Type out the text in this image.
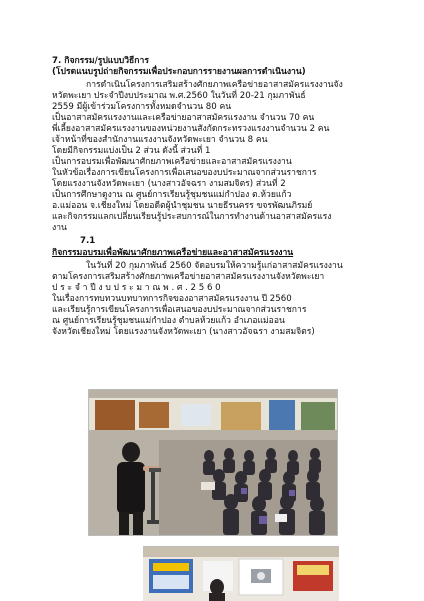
7. กิจกรรม/รูปแบบวิธีการ
(โปรดแนบรูปถ่ายกิจกรรมเพื่อประกอบการรายงานผลการดำเนินงาน)
การดำเนินโครงการเสริมสร้างศักยภาพเครือข่ายอาสาสมัครแรงงานจัง
หวัดพะเยา ประจำปีงบประมาณ พ.ศ.2560 ในวันที่ 20-21 กุมภาพันธ์
2559 มีผู้เข้าร่วมโครงการทั้งหมดจำนวน 80 คน
เป็นอาสาสมัครแรงงานและเครือข่ายอาสาสมัครแรงงาน จำนวน 70 คน
พี่เลี้ยงอาสาสมัครแรงงานของหน่วยงานสังกัดกระทรวงแรงงานจำนวน 2 คน
เจ้าหน้าที่ของสำนักงานแรงงานจังหวัดพะเยา จำนวน 8 คน
โดยมีกิจกรรมแบ่งเป็น 2 ส่วน ดังนี้ ส่วนที่ 1
เป็นการอบรมเพื่อพัฒนาศักยภาพเครือข่ายและอาสาสมัครแรงงาน
ในหัวข้อเรื่องการเขียนโครงการเพื่อเสนอของบประมาณจากส่วนราชการ
โดยแรงงานจังหวัดพะเยา (นางสาวอัจฉรา งามสมจิตร) ส่วนที่ 2
เป็นการศึกษาดูงาน ณ ศูนย์การเรียนรู้ชุมชนแม่กำปอง ต.ห้วยแก้ว
อ.แม่ออน จ.เชียงใหม่ โดยอดีตผู้นำชุมชน นายธีรนครร ขจรพัฒนภิรมย์
และกิจกรรมแลกเปลี่ยนเรียนรู้ประสบการณ์ในการทำงานด้านอาสาสมัครแรง
งาน
7.1
กิจกรรมอบรมเพื่อพัฒนาศักยภาพเครือข่ายและอาสาสมัครแรงงาน
ในวันที่ 20 กุมภาพันธ์ 2560 จัดอบรมให้ความรู้แก่อาสาสมัครแรงงาน
ตามโครงการเสริมสร้างศักยภาพเครือข่ายอาสาสมัครแรงงานจังหวัดพะเยา
ป ร ะ จํ า ปี ง บ ป ร ะ ม า ณ พ . ศ . 2 5 6 0
ในเรื่องการทบทวนบทบาทการกิจของอาสาสมัครแรงงาน ปี 2560
และเรียนรู้การเขียนโครงการเพื่อเสนอของบประมาณจากส่วนราชการ
ณ ศูนย์การเรียนรู้ชุมชนแม่กำปอง ตำบลห้วยแก้ว อำเภอแม่ออน
จังหวัดเชียงใหม่ โดยแรงงานจังหวัดพะเยา (นางสาวอัจฉรา งามสมจิตร)
